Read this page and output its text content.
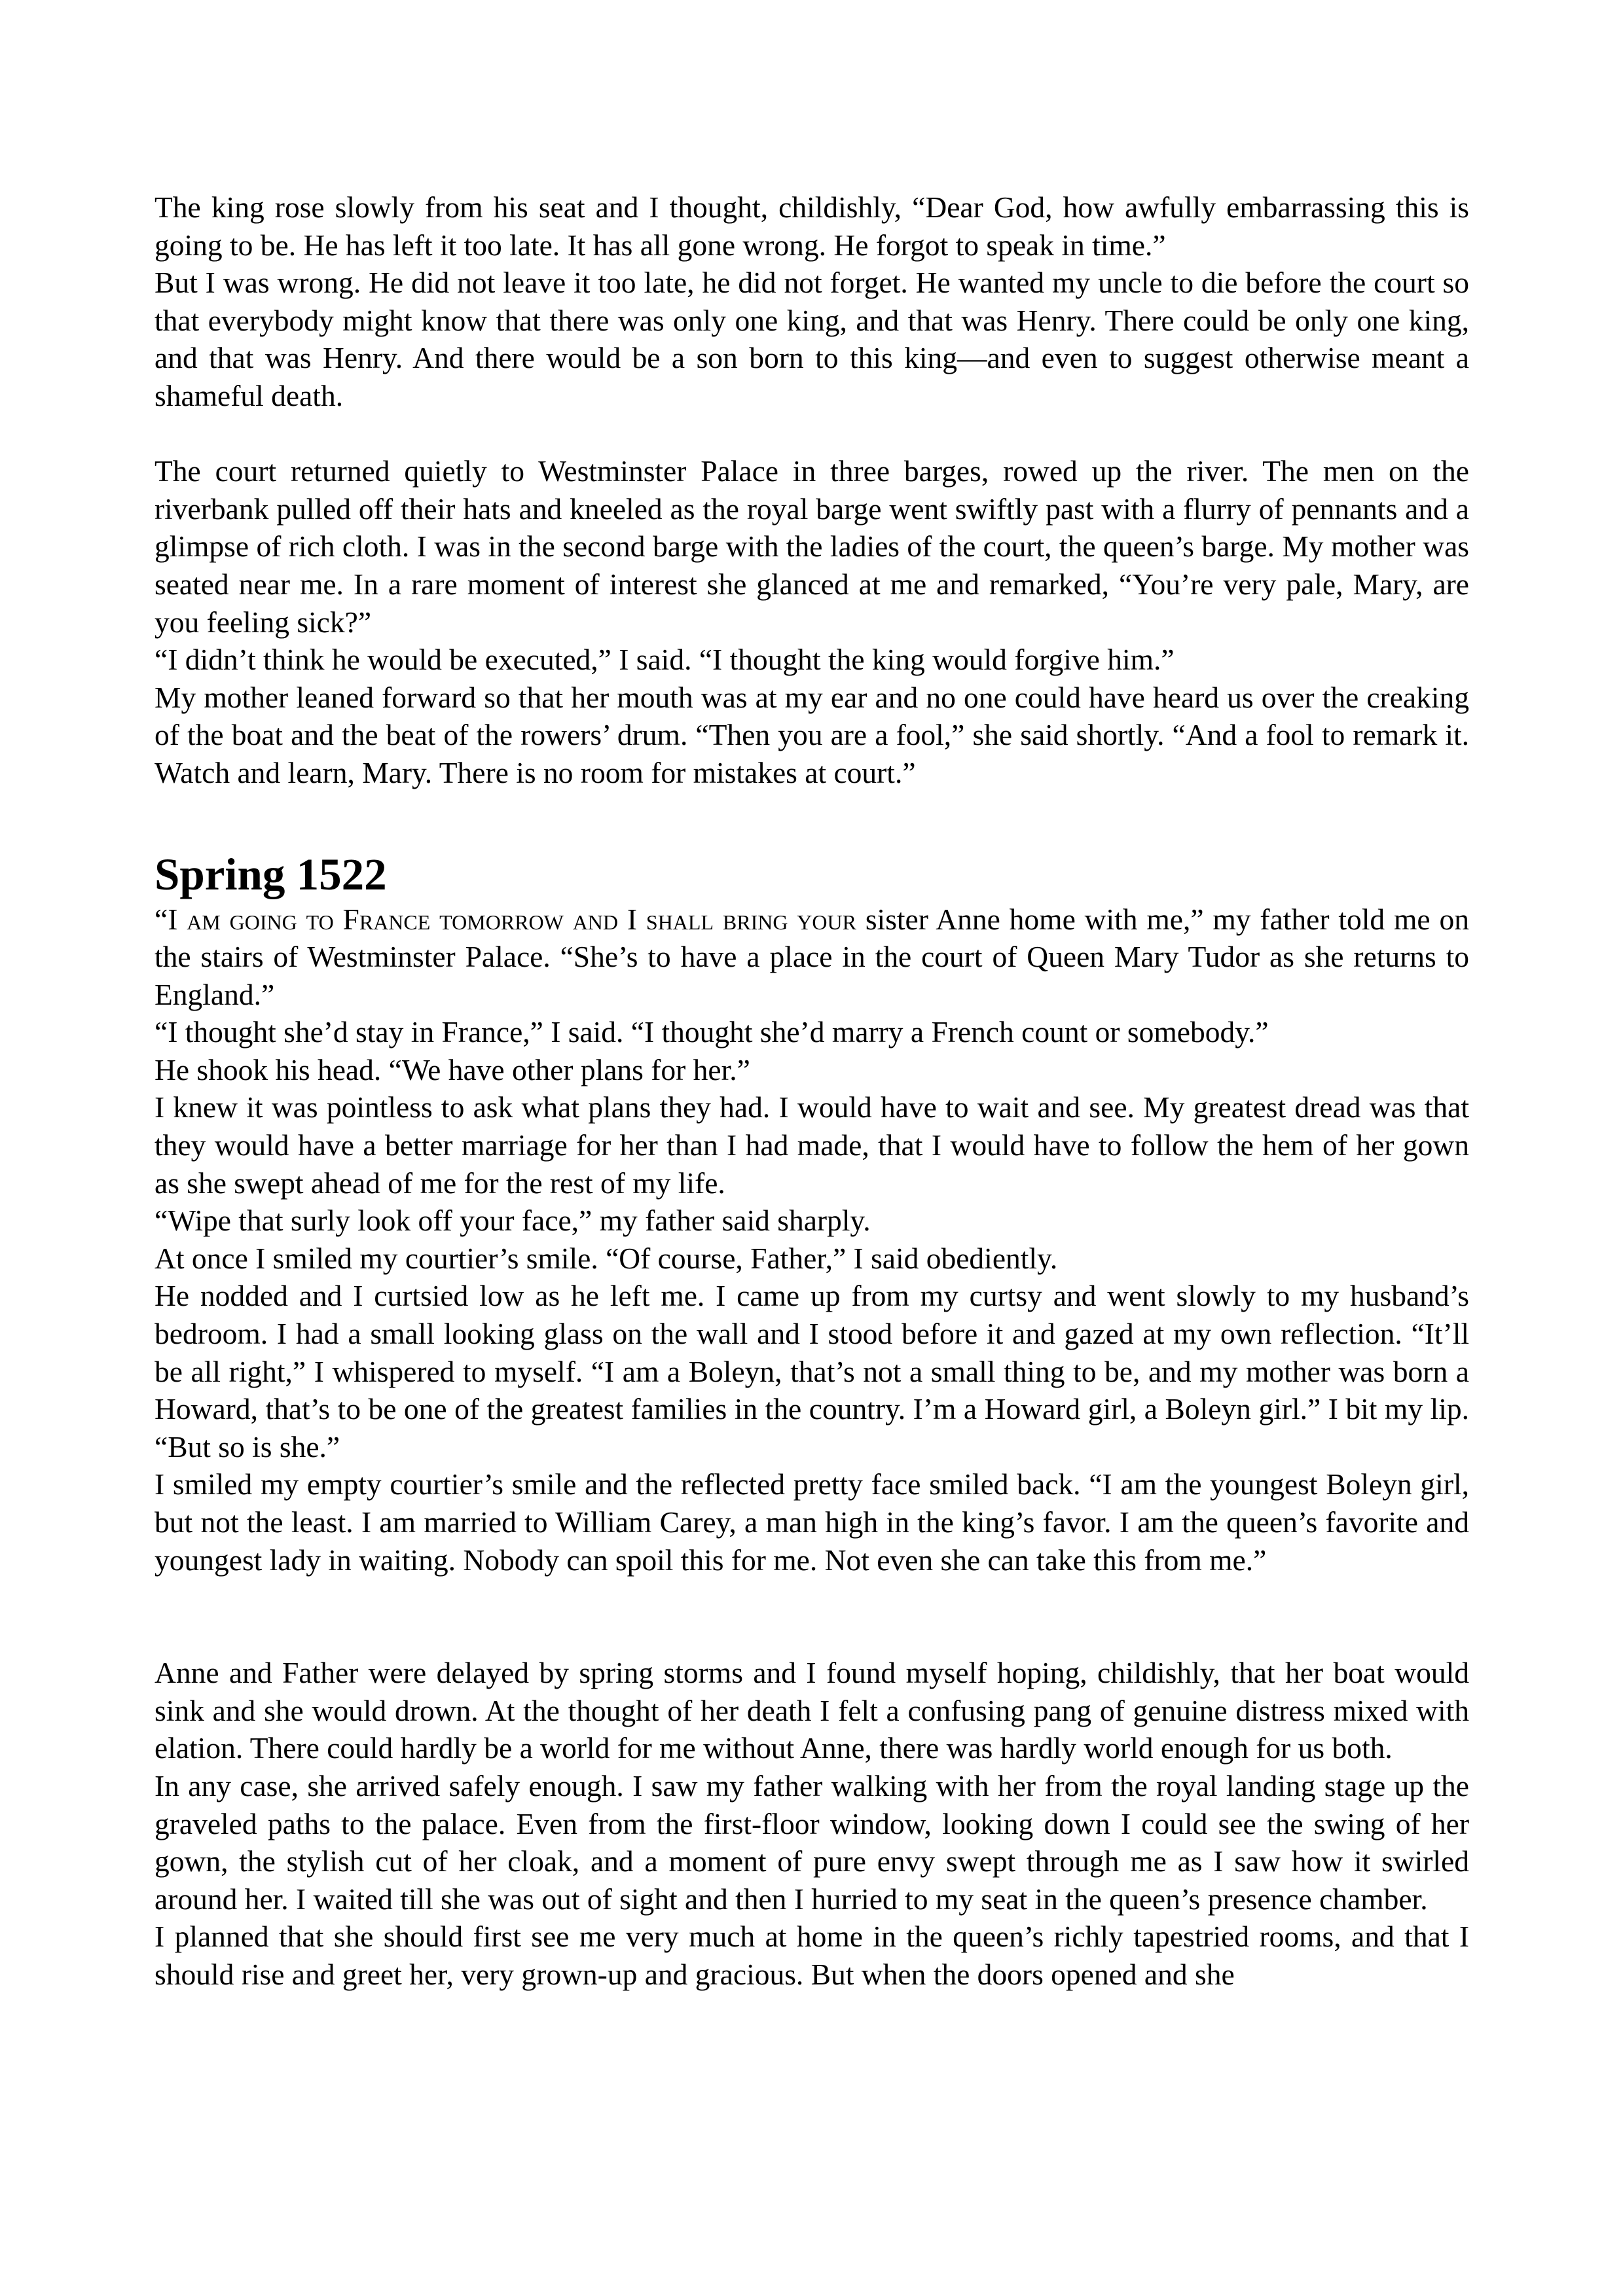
The king rose slowly from his seat and I thought, childishly, “Dear God, how awfully embarrassing this is going to be. He has left it too late. It has all gone wrong. He forgot to speak in time.”

But I was wrong. He did not leave it too late, he did not forget. He wanted my uncle to die before the court so that everybody might know that there was only one king, and that was Henry. There could be only one king, and that was Henry. And there would be a son born to this king—and even to suggest otherwise meant a shameful death.

The court returned quietly to Westminster Palace in three barges, rowed up the river. The men on the riverbank pulled off their hats and kneeled as the royal barge went swiftly past with a flurry of pennants and a glimpse of rich cloth. I was in the second barge with the ladies of the court, the queen’s barge. My mother was seated near me. In a rare moment of interest she glanced at me and remarked, “You’re very pale, Mary, are you feeling sick?”

“I didn’t think he would be executed,” I said. “I thought the king would forgive him.”

My mother leaned forward so that her mouth was at my ear and no one could have heard us over the creaking of the boat and the beat of the rowers’ drum. “Then you are a fool,” she said shortly. “And a fool to remark it. Watch and learn, Mary. There is no room for mistakes at court.”

Spring 1522

“I am going to France tomorrow and I shall bring your sister Anne home with me,” my father told me on the stairs of Westminster Palace. “She’s to have a place in the court of Queen Mary Tudor as she returns to England.”

“I thought she’d stay in France,” I said. “I thought she’d marry a French count or somebody.”

He shook his head. “We have other plans for her.”

I knew it was pointless to ask what plans they had. I would have to wait and see. My greatest dread was that they would have a better marriage for her than I had made, that I would have to follow the hem of her gown as she swept ahead of me for the rest of my life.

“Wipe that surly look off your face,” my father said sharply.

At once I smiled my courtier’s smile. “Of course, Father,” I said obediently.

He nodded and I curtsied low as he left me. I came up from my curtsy and went slowly to my husband’s bedroom. I had a small looking glass on the wall and I stood before it and gazed at my own reflection. “It’ll be all right,” I whispered to myself. “I am a Boleyn, that’s not a small thing to be, and my mother was born a Howard, that’s to be one of the greatest families in the country. I’m a Howard girl, a Boleyn girl.” I bit my lip. “But so is she.”

I smiled my empty courtier’s smile and the reflected pretty face smiled back. “I am the youngest Boleyn girl, but not the least. I am married to William Carey, a man high in the king’s favor. I am the queen’s favorite and youngest lady in waiting. Nobody can spoil this for me. Not even she can take this from me.”

Anne and Father were delayed by spring storms and I found myself hoping, childishly, that her boat would sink and she would drown. At the thought of her death I felt a confusing pang of genuine distress mixed with elation. There could hardly be a world for me without Anne, there was hardly world enough for us both.

In any case, she arrived safely enough. I saw my father walking with her from the royal landing stage up the graveled paths to the palace. Even from the first-floor window, looking down I could see the swing of her gown, the stylish cut of her cloak, and a moment of pure envy swept through me as I saw how it swirled around her. I waited till she was out of sight and then I hurried to my seat in the queen’s presence chamber.

I planned that she should first see me very much at home in the queen’s richly tapestried rooms, and that I should rise and greet her, very grown-up and gracious. But when the doors opened and she
